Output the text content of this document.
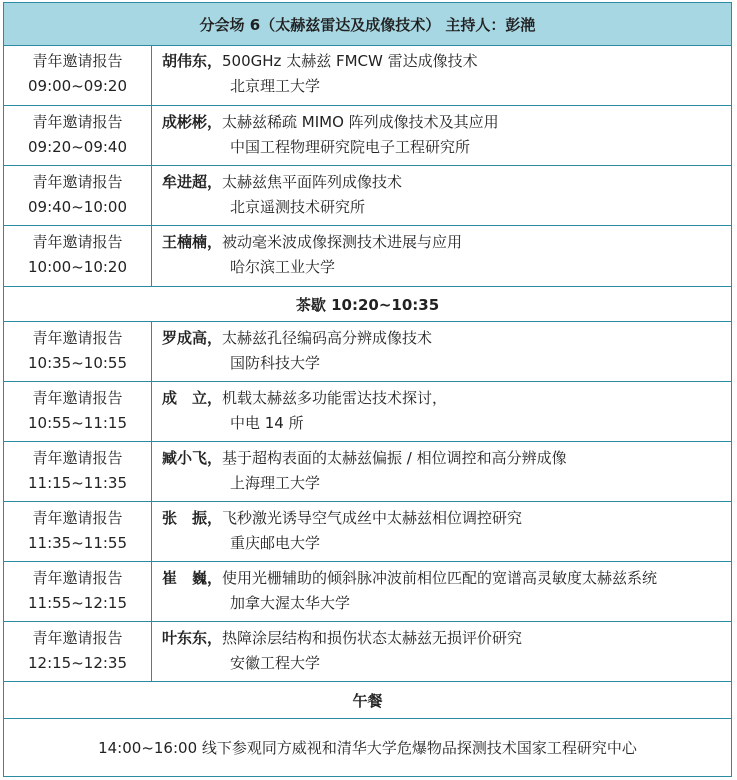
分会场 6（太赫兹雷达及成像技术） 主持人：彭滟
青年邀请报告
09:00~09:20
胡伟东，500GHz 太赫兹 FMCW 雷达成像技术
北京理工大学
青年邀请报告
09:20~09:40
成彬彬，太赫兹稀疏 MIMO 阵列成像技术及其应用
中国工程物理研究院电子工程研究所
青年邀请报告
09:40~10:00
牟进超，太赫兹焦平面阵列成像技术
北京遥测技术研究所
青年邀请报告
10:00~10:20
王楠楠，被动毫米波成像探测技术进展与应用
哈尔滨工业大学
茶歇 10:20~10:35
青年邀请报告
10:35~10:55
罗成高，太赫兹孔径编码高分辨成像技术
国防科技大学
青年邀请报告
10:55~11:15
成　立，机载太赫兹多功能雷达技术探讨，
中电 14 所
青年邀请报告
11:15~11:35
臧小飞，基于超构表面的太赫兹偏振 / 相位调控和高分辨成像
上海理工大学
青年邀请报告
11:35~11:55
张　振，飞秒激光诱导空气成丝中太赫兹相位调控研究
重庆邮电大学
青年邀请报告
11:55~12:15
崔　巍，使用光栅辅助的倾斜脉冲波前相位匹配的宽谱高灵敏度太赫兹系统
加拿大渥太华大学
青年邀请报告
12:15~12:35
叶东东，热障涂层结构和损伤状态太赫兹无损评价研究
安徽工程大学
午餐
14:00~16:00 线下参观同方威视和清华大学危爆物品探测技术国家工程研究中心
